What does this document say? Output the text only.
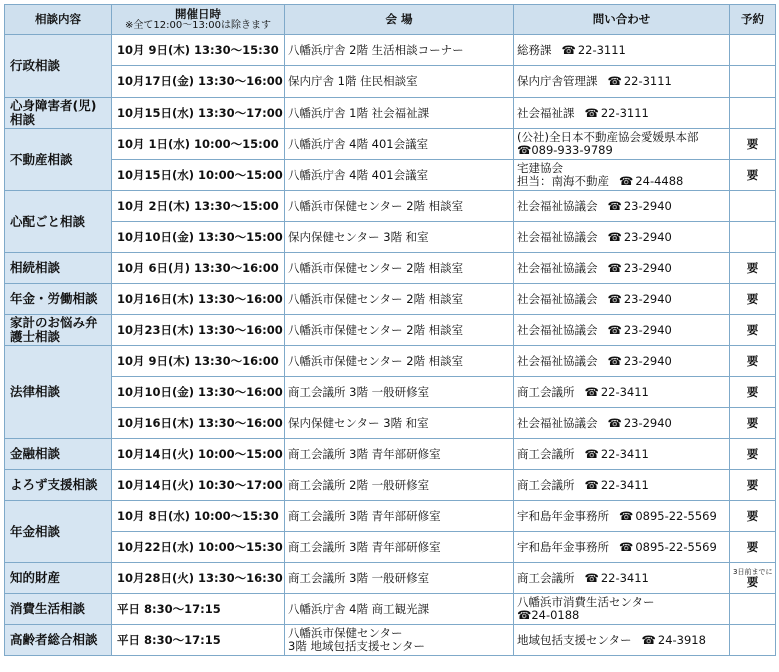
相談内容	開催日時
※全て12:00～13:00は除きます	会 場	問い合わせ	予約
行政相談	10月 9日(木) 13:30～15:30	八幡浜庁舎 2階 生活相談コーナー	総務課 ☎ 22-3111	
	10月17日(金) 13:30～16:00	保内庁舎 1階 住民相談室	保内庁舎管理課 ☎ 22-3111	
心身障害者(児)相談	10月15日(水) 13:30～17:00	八幡浜庁舎 1階 社会福祉課	社会福祉課 ☎ 22-3111	
不動産相談	10月 1日(水) 10:00～15:00	八幡浜庁舎 4階 401会議室	(公社)全日本不動産協会愛媛県本部
☎089-933-9789	要
	10月15日(水) 10:00～15:00	八幡浜庁舎 4階 401会議室	宅建協会
担当：南海不動産 ☎ 24-4488	要
心配ごと相談	10月 2日(木) 13:30～15:00	八幡浜市保健センター 2階 相談室	社会福祉協議会 ☎ 23-2940	
	10月10日(金) 13:30～15:00	保内保健センター 3階 和室	社会福祉協議会 ☎ 23-2940	
相続相談	10月 6日(月) 13:30～16:00	八幡浜市保健センター 2階 相談室	社会福祉協議会 ☎ 23-2940	要
年金・労働相談	10月16日(木) 13:30～16:00	八幡浜市保健センター 2階 相談室	社会福祉協議会 ☎ 23-2940	要
家計のお悩み弁護士相談	10月23日(木) 13:30～16:00	八幡浜市保健センター 2階 相談室	社会福祉協議会 ☎ 23-2940	要
法律相談	10月 9日(木) 13:30～16:00	八幡浜市保健センター 2階 相談室	社会福祉協議会 ☎ 23-2940	要
	10月10日(金) 13:30～16:00	商工会議所 3階 一般研修室	商工会議所 ☎ 22-3411	要
	10月16日(木) 13:30～16:00	保内保健センター 3階 和室	社会福祉協議会 ☎ 23-2940	要
金融相談	10月14日(火) 10:00～15:00	商工会議所 3階 青年部研修室	商工会議所 ☎ 22-3411	要
よろず支援相談	10月14日(火) 10:30～17:00	商工会議所 2階 一般研修室	商工会議所 ☎ 22-3411	要
年金相談	10月 8日(水) 10:00～15:30	商工会議所 3階 青年部研修室	宇和島年金事務所 ☎ 0895-22-5569	要
	10月22日(水) 10:00～15:30	商工会議所 3階 青年部研修室	宇和島年金事務所 ☎ 0895-22-5569	要
知的財産	10月28日(火) 13:30～16:30	商工会議所 3階 一般研修室	商工会議所 ☎ 22-3411	3日前までに
要
消費生活相談	平日 8:30～17:15	八幡浜庁舎 4階 商工観光課	八幡浜市消費生活センター
☎24-0188	

高齢者総合相談	平日 8:30～17:15	八幡浜市保健センター
3階 地域包括支援センター	地域包括支援センター ☎ 24-3918	
